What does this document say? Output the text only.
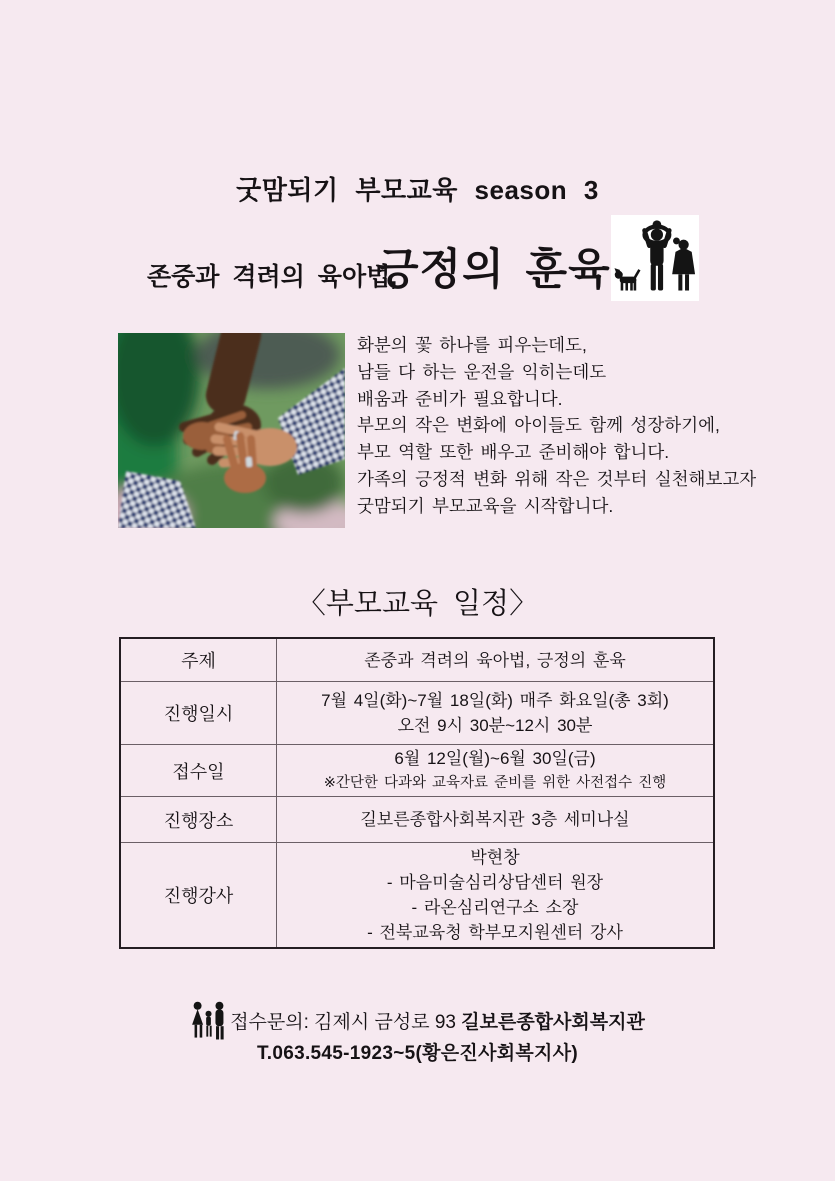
굿맘되기 부모교육 season 3
존중과 격려의 육아법,
긍정의 훈육
화분의 꽃 하나를 피우는데도,
남들 다 하는 운전을 익히는데도
배움과 준비가 필요합니다.
부모의 작은 변화에 아이들도 함께 성장하기에,
부모 역할 또한 배우고 준비해야 합니다.
가족의 긍정적 변화 위해 작은 것부터 실천해보고자
굿맘되기 부모교육을 시작합니다.
〈부모교육 일정〉
주제	존중과 격려의 육아법, 긍정의 훈육
진행일시
7월 4일(화)~7월 18일(화) 매주 화요일(총 3회)
오전 9시 30분~12시 30분
접수일
6월 12일(월)~6월 30일(금)
※간단한 다과와 교육자료 준비를 위한 사전접수 진행
진행장소	길보른종합사회복지관 3층 세미나실
진행강사
박현창
- 마음미술심리상담센터 원장
- 라온심리연구소 소장
- 전북교육청 학부모지원센터 강사
접수문의: 김제시 금성로 93 길보른종합사회복지관
T.063.545-1923~5(황은진사회복지사)
